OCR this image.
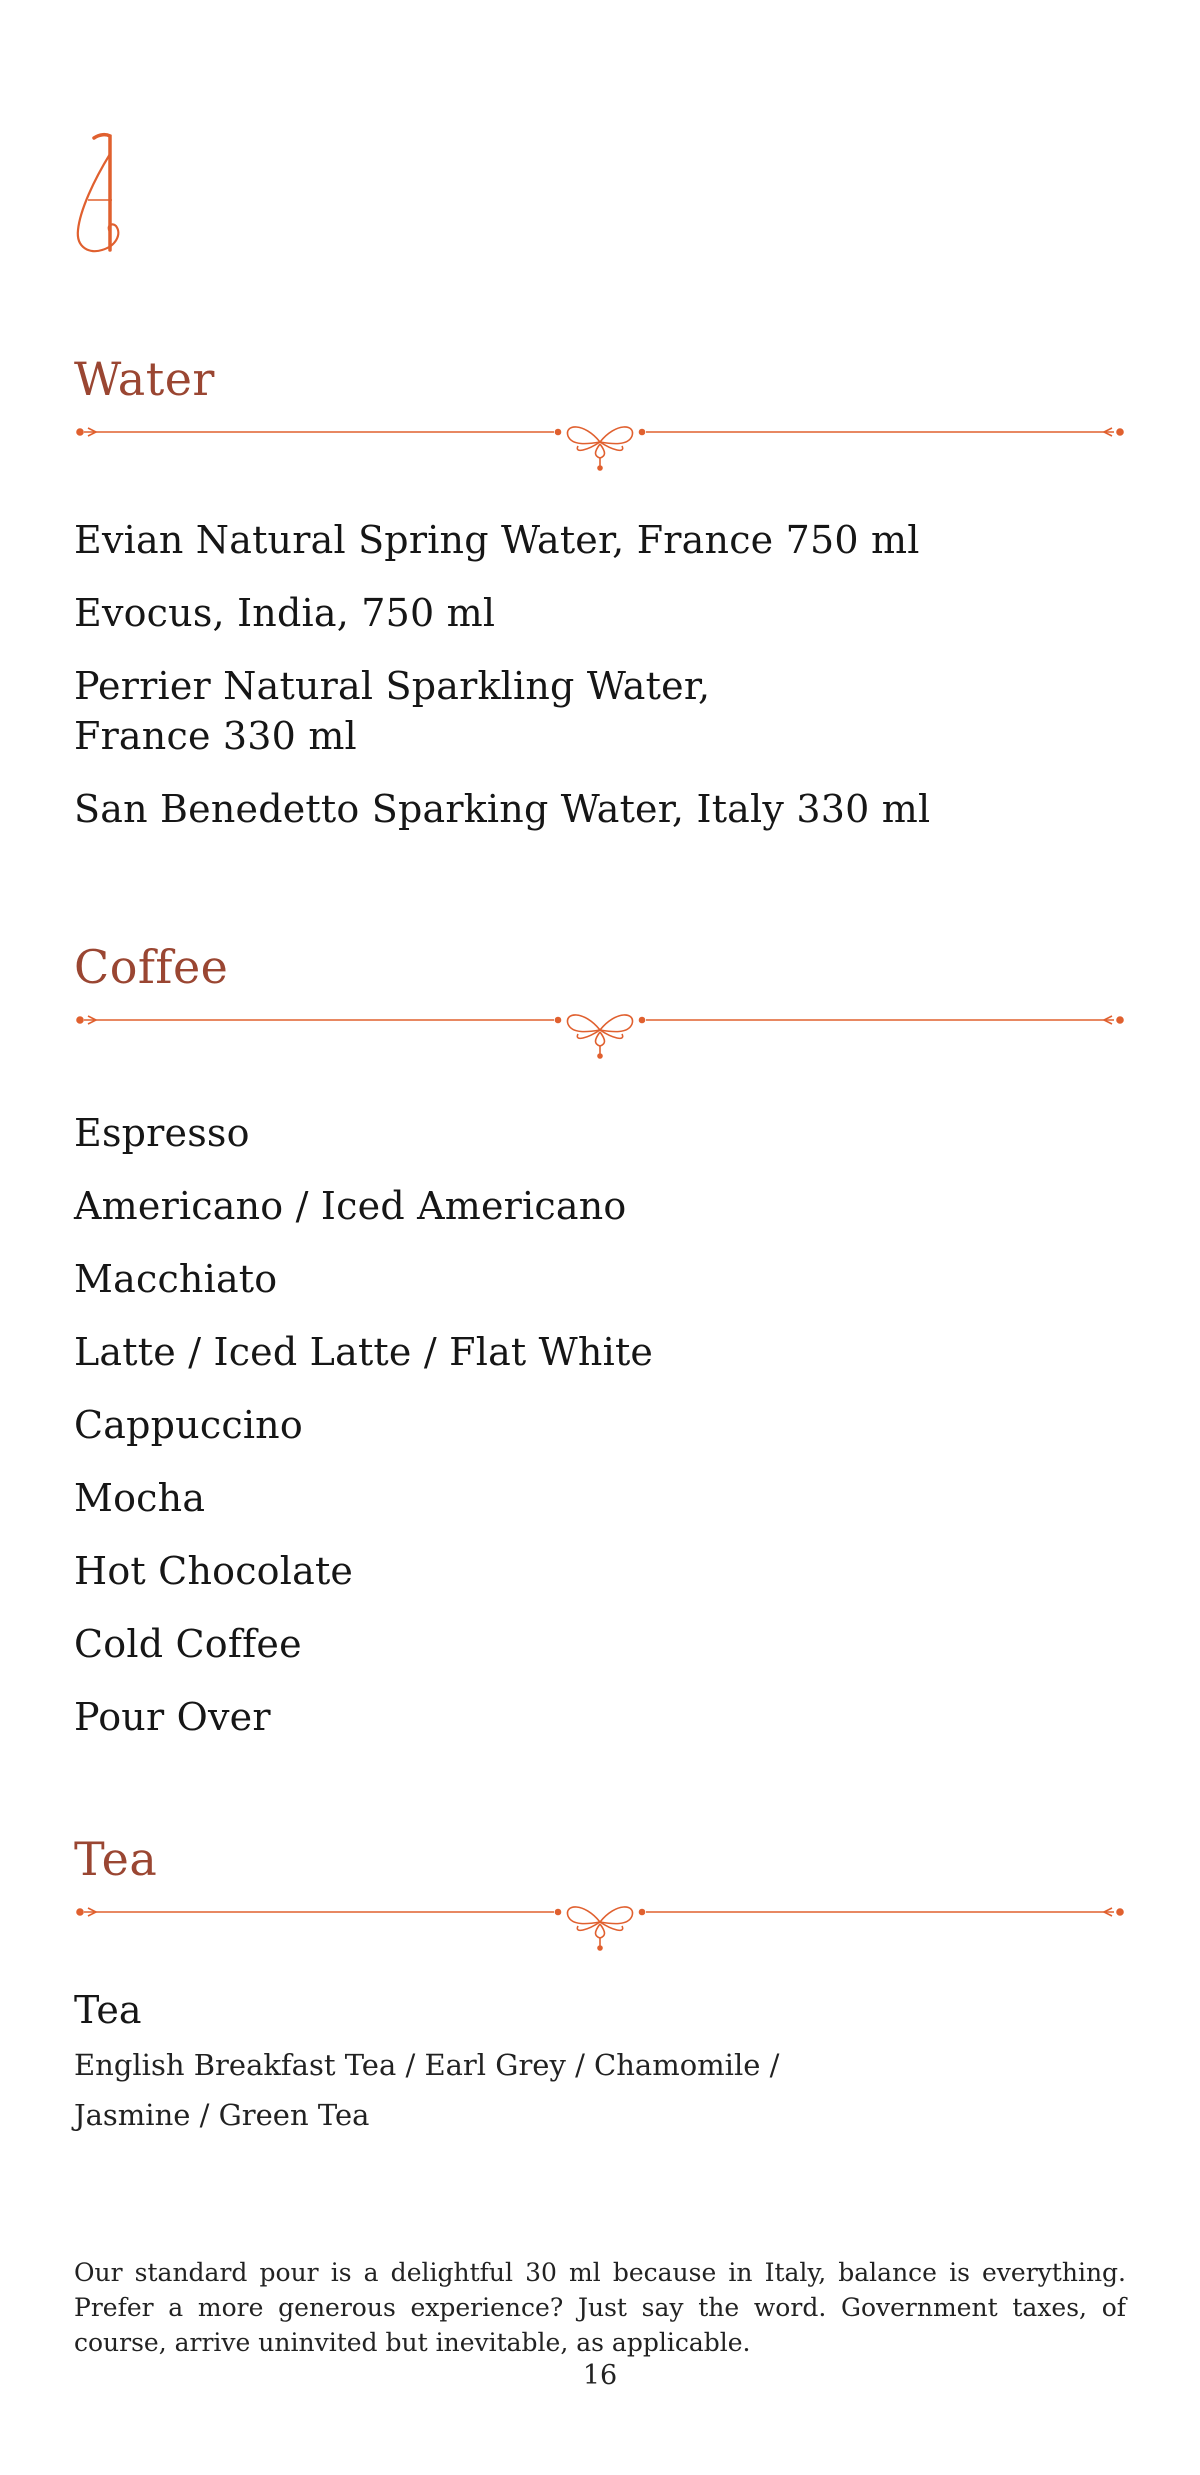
Water
Evian Natural Spring Water, France 750 ml
Evocus, India, 750 ml
Perrier Natural Sparkling Water, France 330 ml
San Benedetto Sparking Water, Italy 330 ml
Coffee
Espresso
Americano / Iced Americano
Macchiato
Latte / Iced Latte / Flat White
Cappuccino
Mocha
Hot Chocolate
Cold Coffee
Pour Over
Tea

Tea

English Breakfast Tea / Earl Grey / Chamomile / Jasmine / Green Tea

Our standard pour is a delightful 30 ml because in Italy, balance is everything. Prefer a more generous experience? Just say the word. Government taxes, of course, arrive uninvited but inevitable, as applicable.

16
